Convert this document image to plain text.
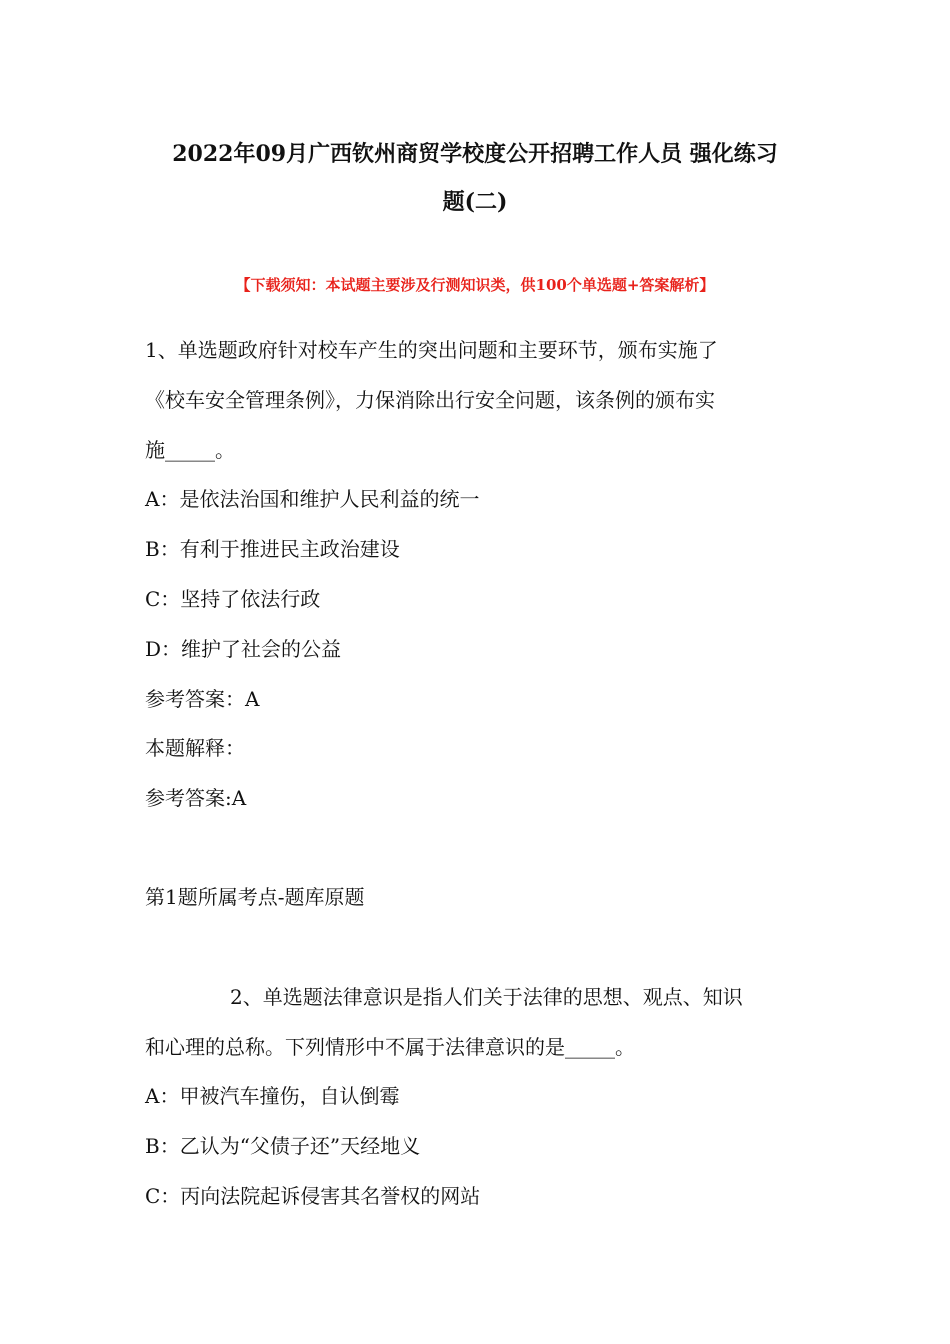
2022年09月广西钦州商贸学校度公开招聘工作人员 强化练习
题(二)
【下载须知：本试题主要涉及行测知识类，供100个单选题+答案解析】
1、单选题政府针对校车产生的突出问题和主要环节，颁布实施了
《校车安全管理条例》，力保消除出行安全问题，该条例的颁布实
施_____。
A：是依法治国和维护人民利益的统一
B：有利于推进民主政治建设
C：坚持了依法行政
D：维护了社会的公益
参考答案：A
本题解释：
参考答案:A
第1题所属考点-题库原题
2、单选题法律意识是指人们关于法律的思想、观点、知识
和心理的总称。下列情形中不属于法律意识的是_____。
A：甲被汽车撞伤，自认倒霉
B：乙认为“父债子还”天经地义
C：丙向法院起诉侵害其名誉权的网站
